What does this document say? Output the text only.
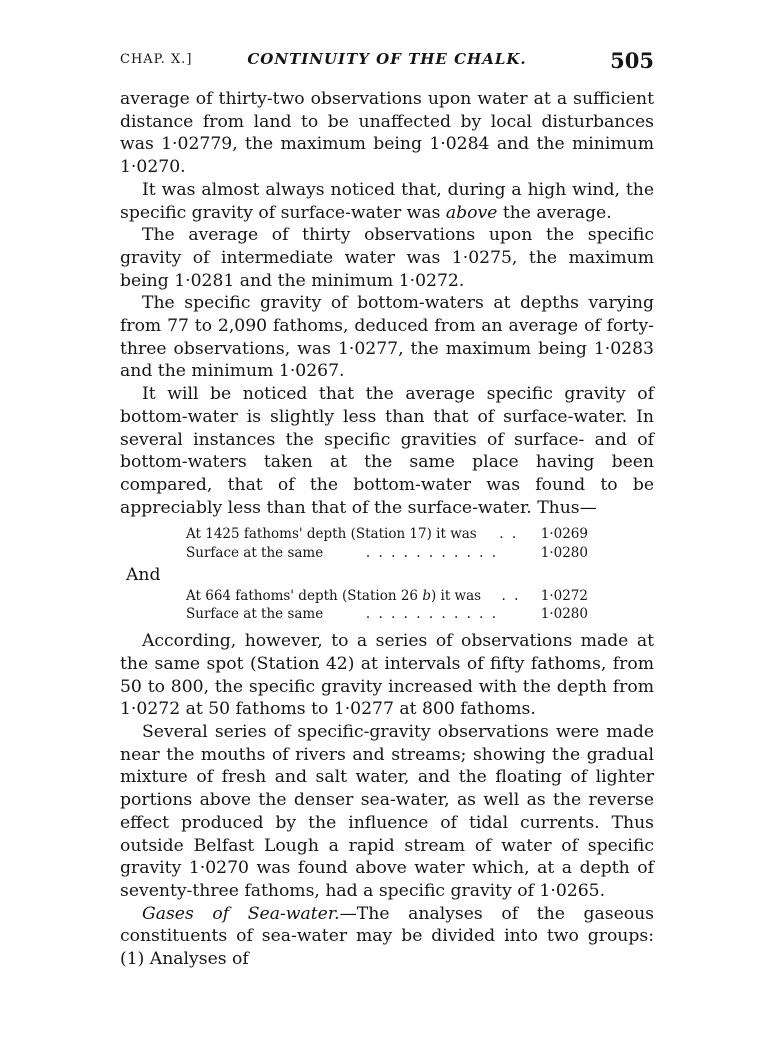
CHAP. X.]	CONTINUITY OF THE CHALK.	505

average of thirty-two observations upon water at a sufficient distance from land to be unaffected by local disturbances was 1·02779, the maximum being 1·0284 and the minimum 1·0270.

It was almost always noticed that, during a high wind, the specific gravity of surface-water was above the average.

The average of thirty observations upon the specific gravity of intermediate water was 1·0275, the maximum being 1·0281 and the minimum 1·0272.

The specific gravity of bottom-waters at depths varying from 77 to 2,090 fathoms, deduced from an average of forty-three observations, was 1·0277, the maximum being 1·0283 and the minimum 1·0267.

It will be noticed that the average specific gravity of bottom-water is slightly less than that of surface-water. In several instances the specific gravities of surface- and of bottom-waters taken at the same place having been compared, that of the bottom-water was found to be appreciably less than that of the surface-water. Thus—

At 1425 fathoms' depth (Station 17) it was . . 1·0269
Surface at the same	. . . . . . . . . . .	1·0280
And
At 664 fathoms' depth (Station 26 b) it was . . 1·0272
Surface at the same	. . . . . . . . . . .	1·0280

According, however, to a series of observations made at the same spot (Station 42) at intervals of fifty fathoms, from 50 to 800, the specific gravity increased with the depth from 1·0272 at 50 fathoms to 1·0277 at 800 fathoms.

Several series of specific-gravity observations were made near the mouths of rivers and streams; showing the gradual mixture of fresh and salt water, and the floating of lighter portions above the denser sea-water, as well as the reverse effect produced by the influence of tidal currents. Thus outside Belfast Lough a rapid stream of water of specific gravity 1·0270 was found above water which, at a depth of seventy-three fathoms, had a specific gravity of 1·0265.

Gases of Sea-water.—The analyses of the gaseous constituents of sea-water may be divided into two groups: (1) Analyses of
